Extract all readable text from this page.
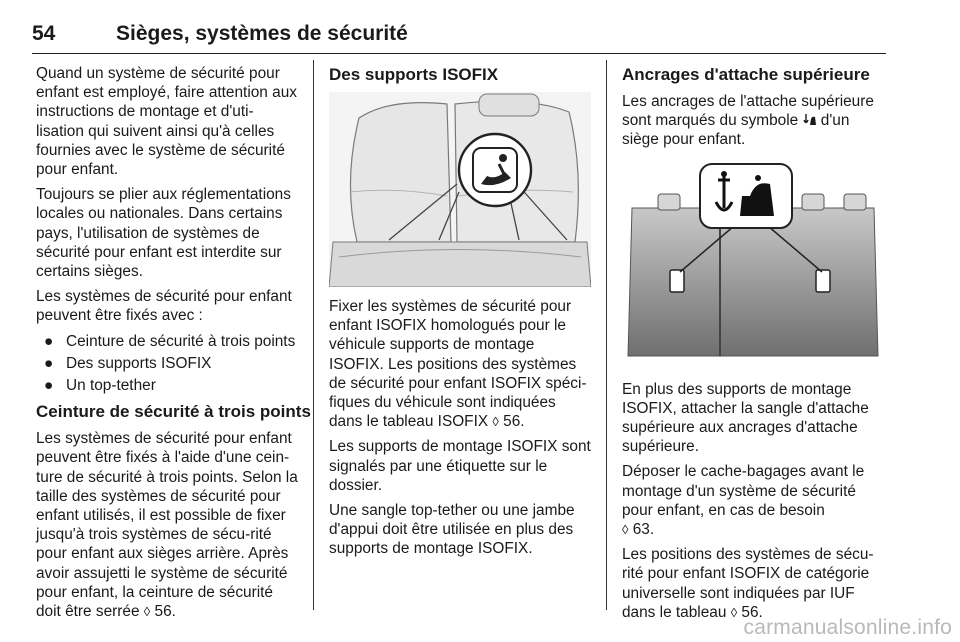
54	Sièges, systèmes de sécurité

Quand un système de sécurité pour enfant est employé, faire attention aux instructions de montage et d'uti-lisation qui suivent ainsi qu'à celles fournies avec le système de sécurité pour enfant.

Toujours se plier aux réglementations locales ou nationales. Dans certains pays, l'utilisation de systèmes de sécurité pour enfant est interdite sur certains sièges.

Les systèmes de sécurité pour enfant peuvent être fixés avec :

● Ceinture de sécurité à trois points
● Des supports ISOFIX
● Un top-tether
Ceinture de sécurité à trois points

Les systèmes de sécurité pour enfant peuvent être fixés à l'aide d'une cein-ture de sécurité à trois points. Selon la taille des systèmes de sécurité pour enfant utilisés, il est possible de fixer jusqu'à trois systèmes de sécu-rité pour enfant aux sièges arrière. Après avoir assujetti le système de sécurité pour enfant, la ceinture de sécurité doit être serrée ◊ 56.

Des supports ISOFIX

Fixer les systèmes de sécurité pour enfant ISOFIX homologués pour le véhicule supports de montage ISOFIX. Les positions des systèmes de sécurité pour enfant ISOFIX spéci-fiques du véhicule sont indiquées dans le tableau ISOFIX ◊ 56.

Les supports de montage ISOFIX sont signalés par une étiquette sur le dossier.

Une sangle top-tether ou une jambe d'appui doit être utilisée en plus des supports de montage ISOFIX.

Ancrages d'attache supérieure

Les ancrages de l'attache supérieure sont marqués du symbole d'un siège pour enfant.

En plus des supports de montage ISOFIX, attacher la sangle d'attache supérieure aux ancrages d'attache supérieure.

Déposer le cache-bagages avant le montage d'un système de sécurité pour enfant, en cas de besoin
◊ 63.

Les positions des systèmes de sécu-rité pour enfant ISOFIX de catégorie universelle sont indiquées par IUF dans le tableau ◊ 56.

carmanualsonline.info
